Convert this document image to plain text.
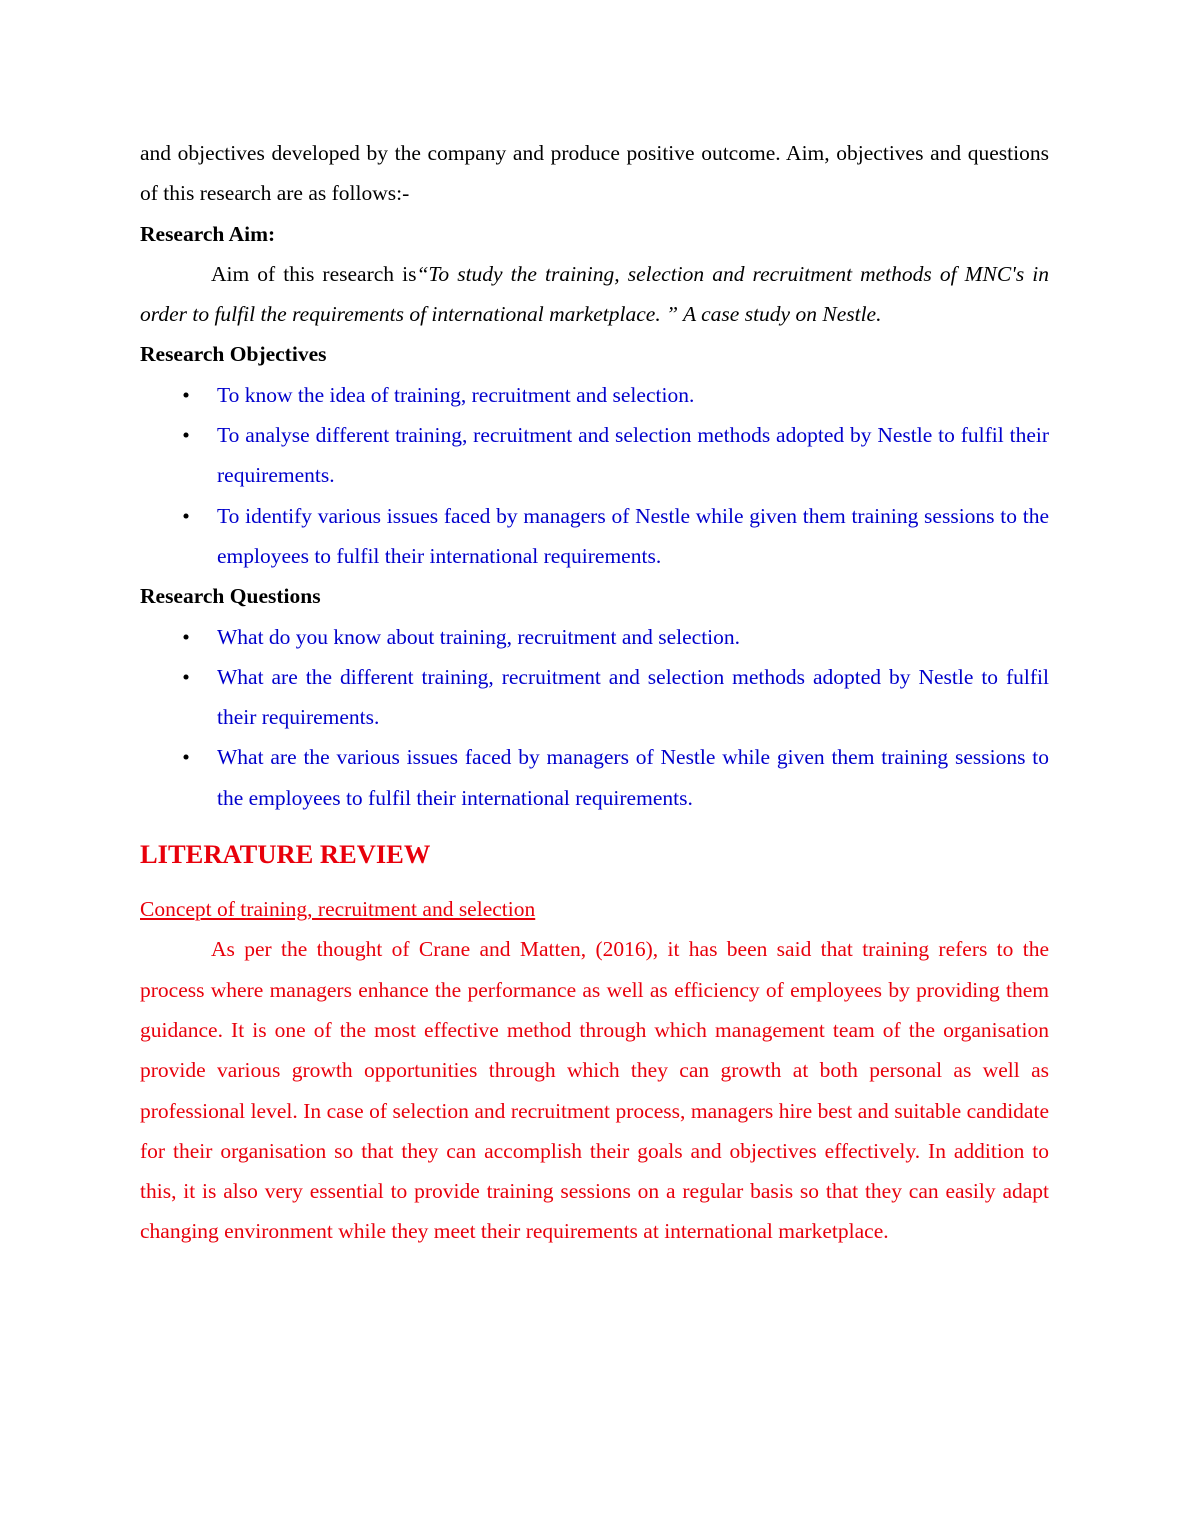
and objectives developed by the company and produce positive outcome. Aim, objectives and questions of this research are as follows:-

Research Aim:

Aim of this research is“To study the training, selection and recruitment methods of MNC's in order to fulfil the requirements of international marketplace. ” A case study on Nestle.

Research Objectives

• To know the idea of training, recruitment and selection.
• To analyse different training, recruitment and selection methods adopted by Nestle to fulfil their requirements.
• To identify various issues faced by managers of Nestle while given them training sessions to the employees to fulfil their international requirements.

Research Questions

• What do you know about training, recruitment and selection.
• What are the different training, recruitment and selection methods adopted by Nestle to fulfil their requirements.
• What are the various issues faced by managers of Nestle while given them training sessions to the employees to fulfil their international requirements.

LITERATURE REVIEW

Concept of training, recruitment and selection

As per the thought of Crane and Matten, (2016), it has been said that training refers to the process where managers enhance the performance as well as efficiency of employees by providing them guidance. It is one of the most effective method through which management team of the organisation provide various growth opportunities through which they can growth at both personal as well as professional level. In case of selection and recruitment process, managers hire best and suitable candidate for their organisation so that they can accomplish their goals and objectives effectively. In addition to this, it is also very essential to provide training sessions on a regular basis so that they can easily adapt changing environment while they meet their requirements at international marketplace.
